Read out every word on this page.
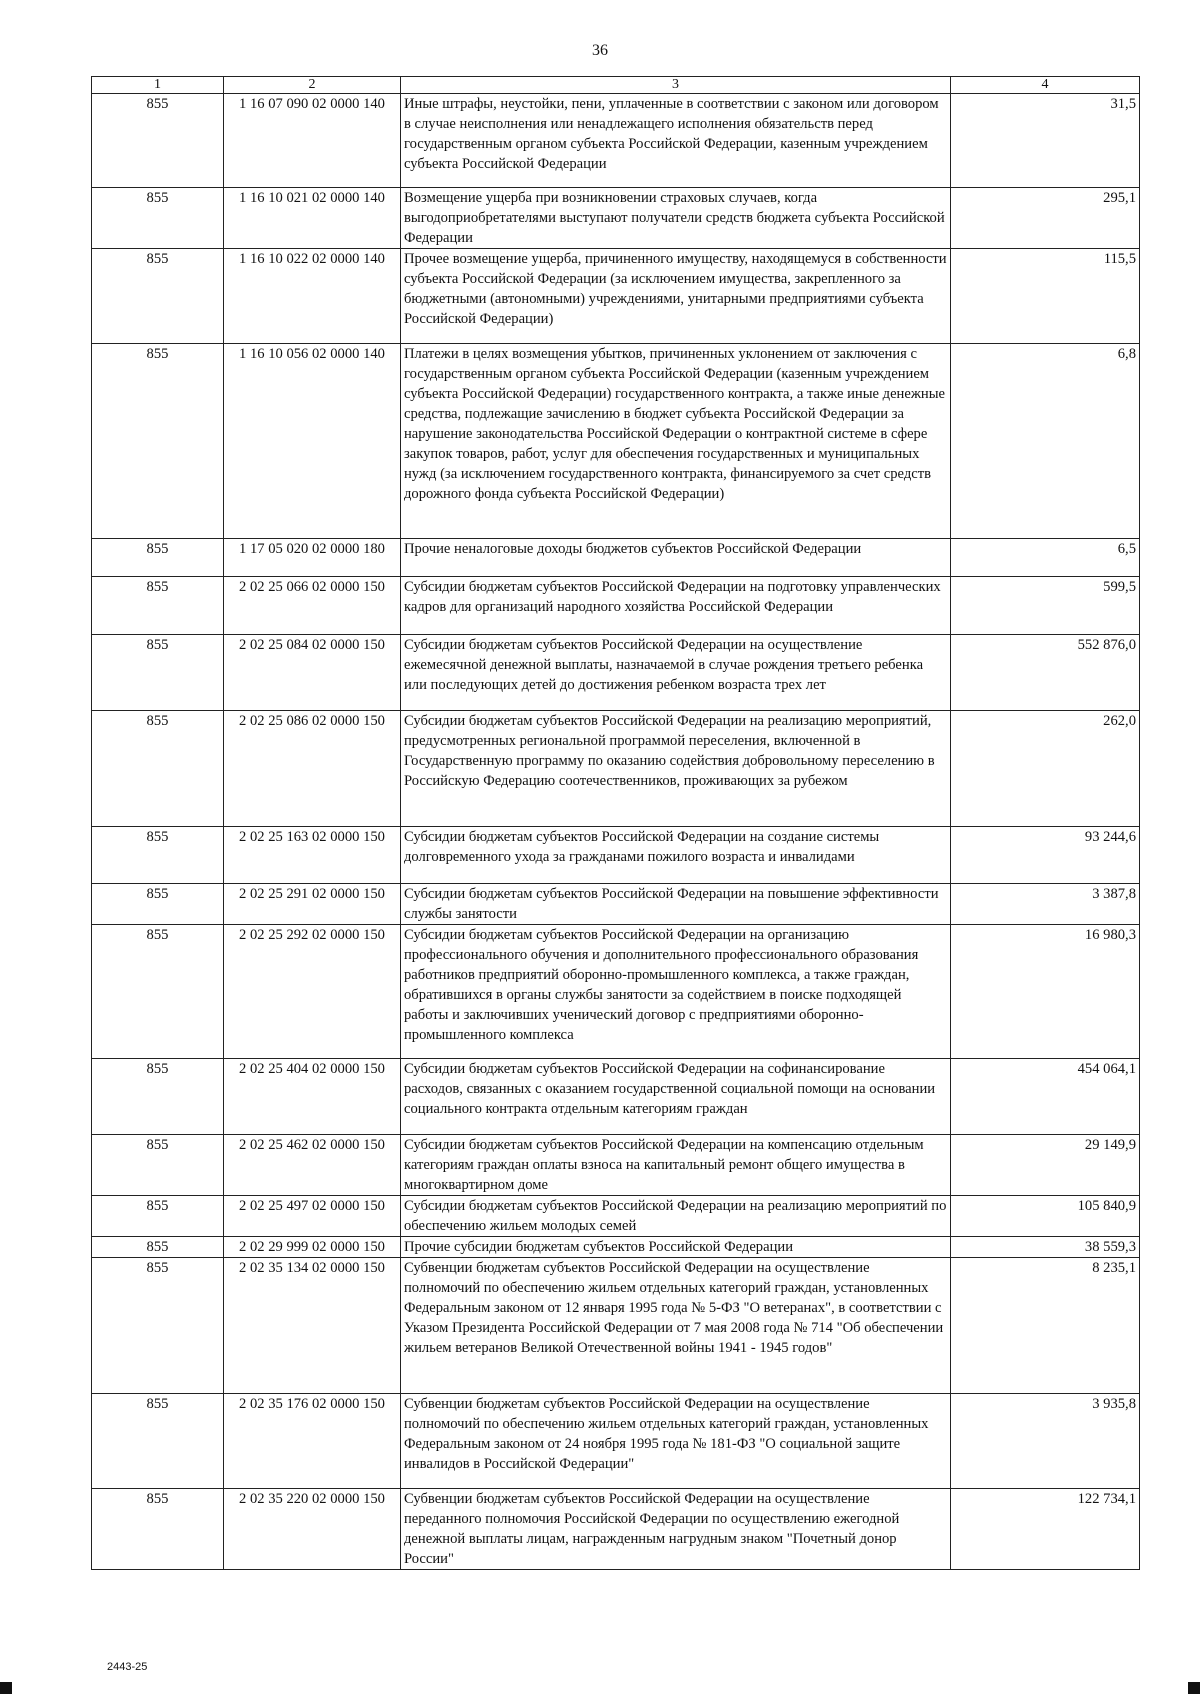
36
1	2	3	4
855	1 16 07 090 02 0000 140	Иные штрафы, неустойки, пени, уплаченные в соответствии с законом или договором в случае неисполнения или ненадлежащего исполнения обязательств перед государственным органом субъекта Российской Федерации, казенным учреждением субъекта Российской Федерации	31,5
855	1 16 10 021 02 0000 140	Возмещение ущерба при возникновении страховых случаев, когда выгодоприобретателями выступают получатели средств бюджета субъекта Российской Федерации	295,1
855	1 16 10 022 02 0000 140	Прочее возмещение ущерба, причиненного имуществу, находящемуся в собственности субъекта Российской Федерации (за исключением имущества, закрепленного за бюджетными (автономными) учреждениями, унитарными предприятиями субъекта Российской Федерации)	115,5
855	1 16 10 056 02 0000 140	Платежи в целях возмещения убытков, причиненных уклонением от заключения с государственным органом субъекта Российской Федерации (казенным учреждением субъекта Российской Федерации) государственного контракта, а также иные денежные средства, подлежащие зачислению в бюджет субъекта Российской Федерации за нарушение законодательства Российской Федерации о контрактной системе в сфере закупок товаров, работ, услуг для обеспечения государственных и муниципальных нужд (за исключением государственного контракта, финансируемого за счет средств дорожного фонда субъекта Российской Федерации)	6,8
855	1 17 05 020 02 0000 180	Прочие неналоговые доходы бюджетов субъектов Российской Федерации	6,5
855	2 02 25 066 02 0000 150	Субсидии бюджетам субъектов Российской Федерации на подготовку управленческих кадров для организаций народного хозяйства Российской Федерации	599,5
855	2 02 25 084 02 0000 150	Субсидии бюджетам субъектов Российской Федерации на осуществление ежемесячной денежной выплаты, назначаемой в случае рождения третьего ребенка или последующих детей до достижения ребенком возраста трех лет	552 876,0
855	2 02 25 086 02 0000 150	Субсидии бюджетам субъектов Российской Федерации на реализацию мероприятий, предусмотренных региональной программой переселения, включенной в Государственную программу по оказанию содействия добровольному переселению в Российскую Федерацию соотечественников, проживающих за рубежом	262,0
855	2 02 25 163 02 0000 150	Субсидии бюджетам субъектов Российской Федерации на создание системы долговременного ухода за гражданами пожилого возраста и инвалидами	93 244,6
855	2 02 25 291 02 0000 150	Субсидии бюджетам субъектов Российской Федерации на повышение эффективности службы занятости	3 387,8
855	2 02 25 292 02 0000 150	Субсидии бюджетам субъектов Российской Федерации на организацию профессионального обучения и дополнительного профессионального образования работников предприятий оборонно-промышленного комплекса, а также граждан, обратившихся в органы службы занятости за содействием в поиске подходящей работы и заключивших ученический договор с предприятиями оборонно-промышленного комплекса	16 980,3
855	2 02 25 404 02 0000 150	Субсидии бюджетам субъектов Российской Федерации на софинансирование расходов, связанных с оказанием государственной социальной помощи на основании социального контракта отдельным категориям граждан	454 064,1
855	2 02 25 462 02 0000 150	Субсидии бюджетам субъектов Российской Федерации на компенсацию отдельным категориям граждан оплаты взноса на капитальный ремонт общего имущества в многоквартирном доме	29 149,9
855	2 02 25 497 02 0000 150	Субсидии бюджетам субъектов Российской Федерации на реализацию мероприятий по обеспечению жильем молодых семей	105 840,9
855	2 02 29 999 02 0000 150	Прочие субсидии бюджетам субъектов Российской Федерации	38 559,3
855	2 02 35 134 02 0000 150	Субвенции бюджетам субъектов Российской Федерации на осуществление полномочий по обеспечению жильем отдельных категорий граждан, установленных Федеральным законом от 12 января 1995 года № 5-ФЗ "О ветеранах", в соответствии с Указом Президента Российской Федерации от 7 мая 2008 года № 714 "Об обеспечении жильем ветеранов Великой Отечественной войны 1941 - 1945 годов"	8 235,1
855	2 02 35 176 02 0000 150	Субвенции бюджетам субъектов Российской Федерации на осуществление полномочий по обеспечению жильем отдельных категорий граждан, установленных Федеральным законом от 24 ноября 1995 года № 181-ФЗ "О социальной защите инвалидов в Российской Федерации"	3 935,8
855	2 02 35 220 02 0000 150	Субвенции бюджетам субъектов Российской Федерации на осуществление переданного полномочия Российской Федерации по осуществлению ежегодной денежной выплаты лицам, награжденным нагрудным знаком "Почетный донор России"	122 734,1
2443-25
